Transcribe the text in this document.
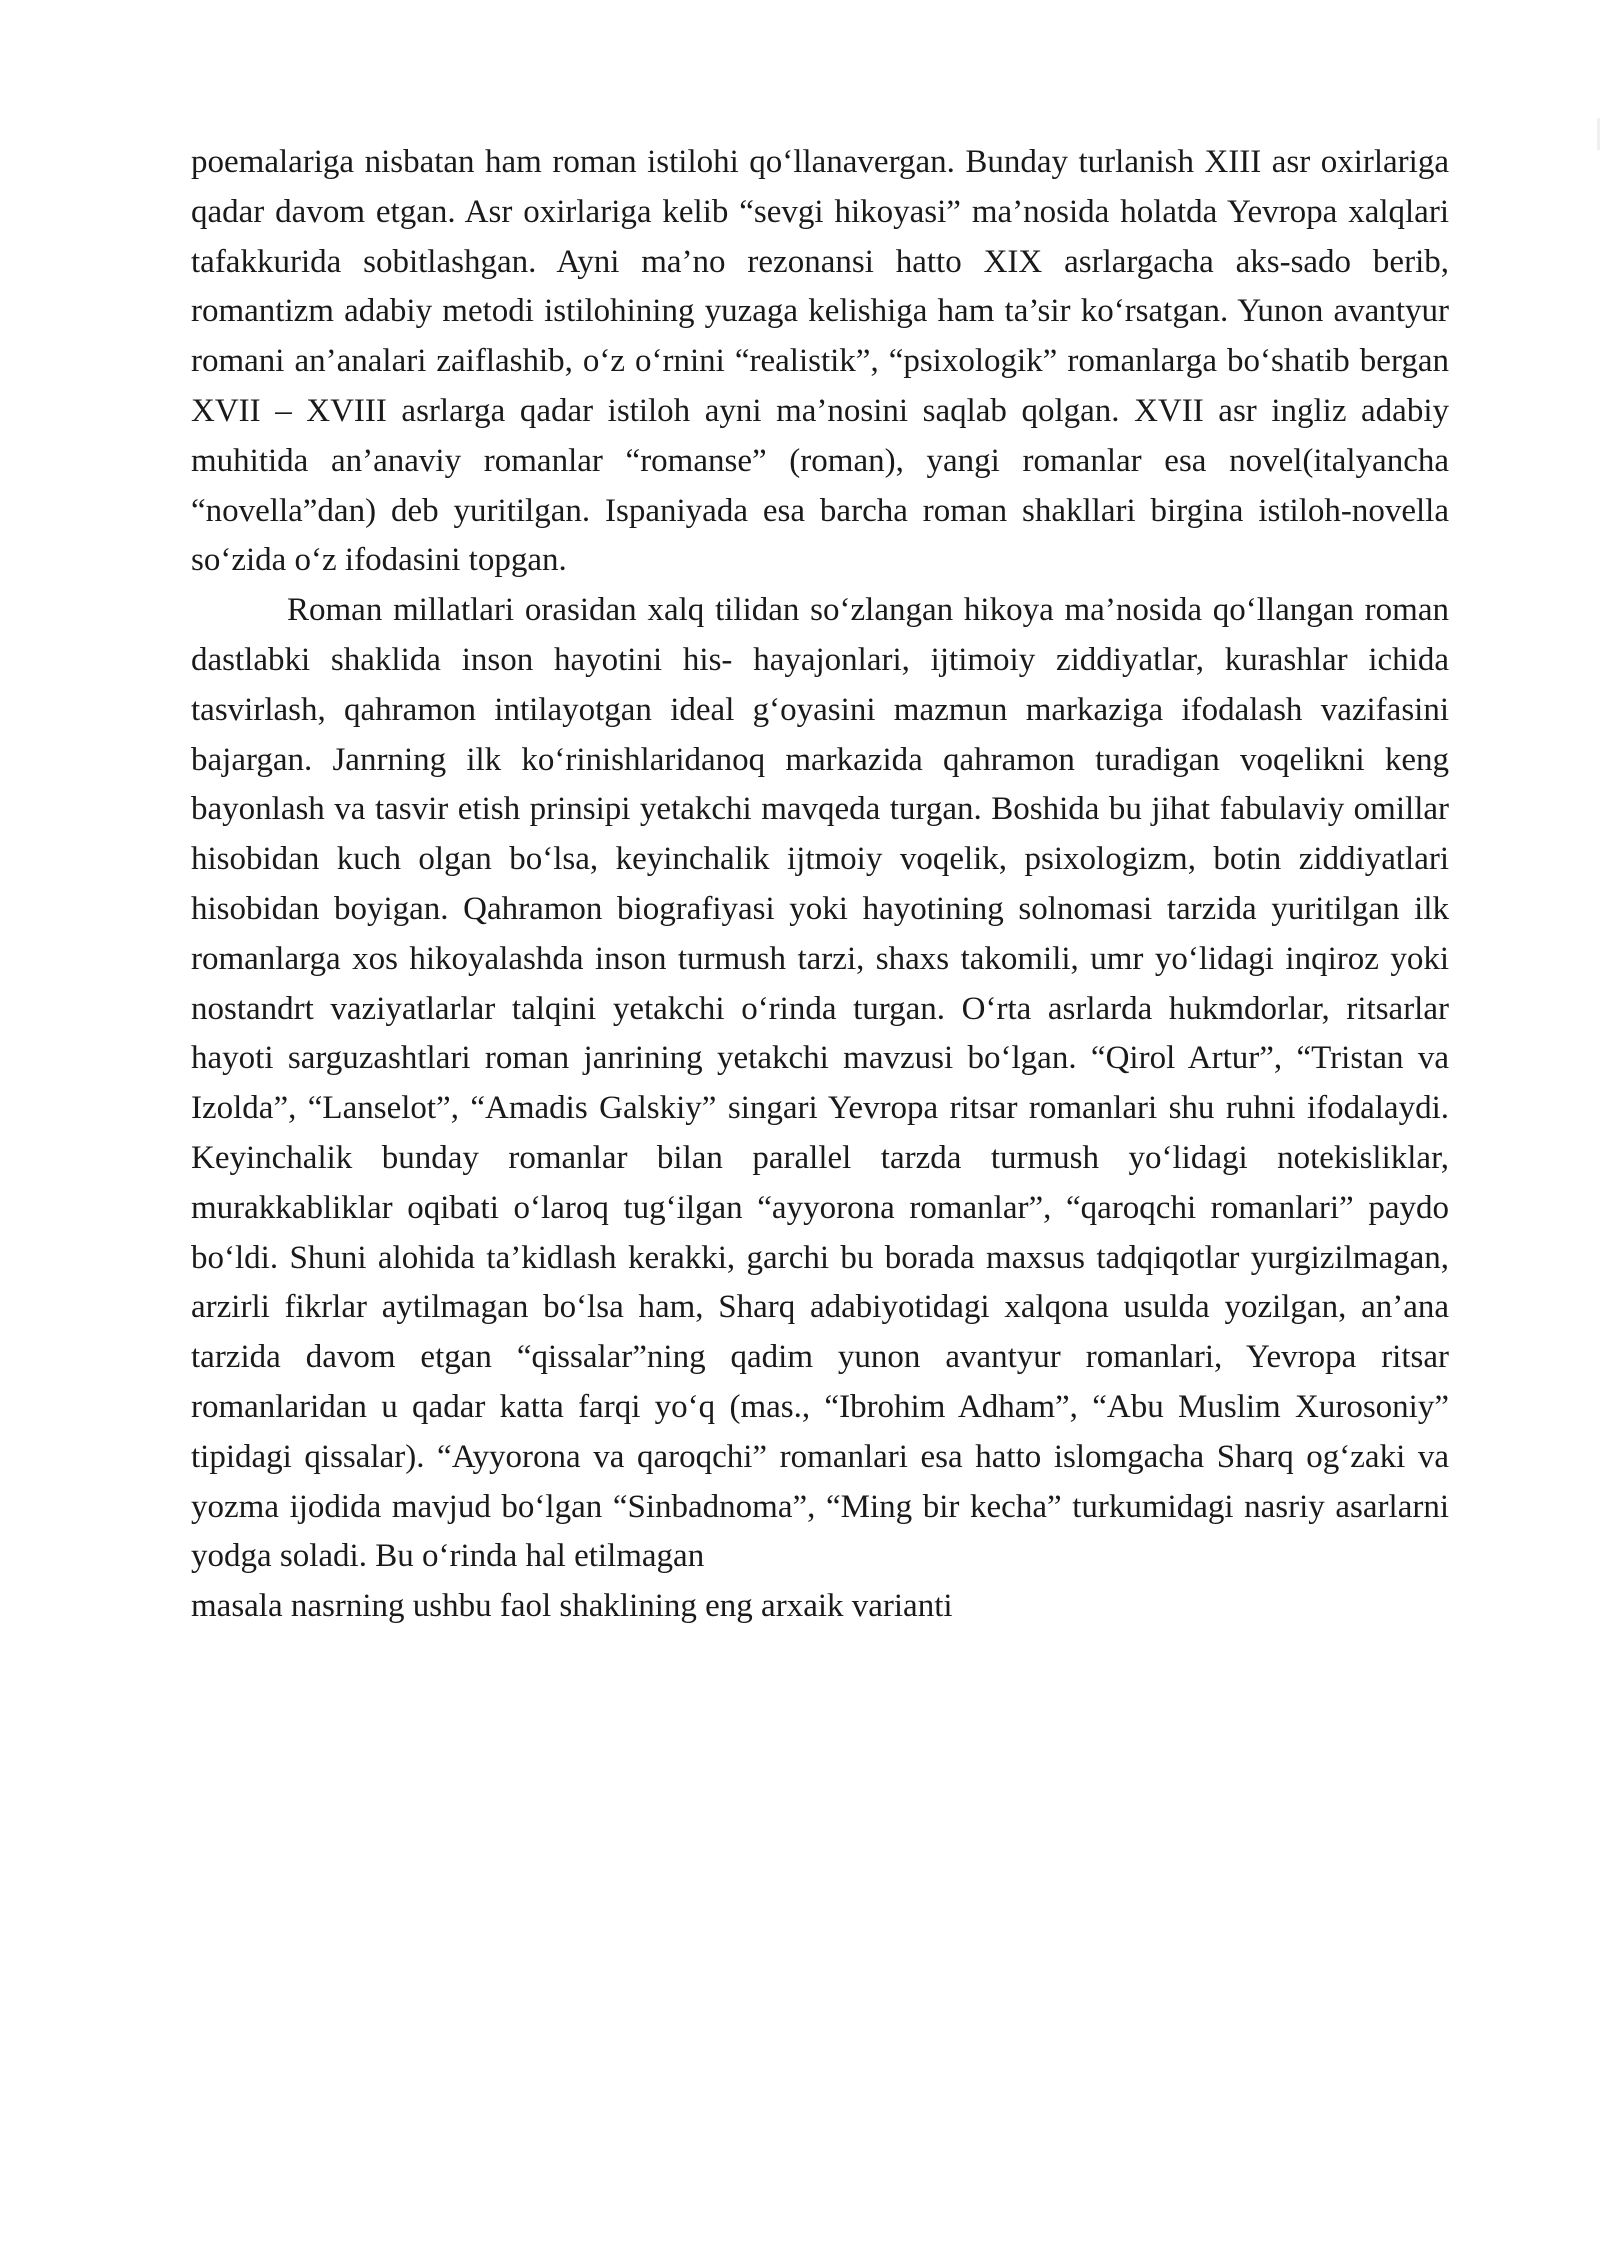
poemalariga nisbatan ham roman istilohi qo‘llanavergan. Bunday turlanish XIII asr oxirlariga qadar davom etgan. Asr oxirlariga kelib “sevgi hikoyasi” ma’nosida holatda Yevropa xalqlari tafakkurida sobitlashgan. Ayni ma’no rezonansi hatto XIX asrlargacha aks-sado berib, romantizm adabiy metodi istilohining yuzaga kelishiga ham ta’sir ko‘rsatgan. Yunon avantyur romani an’analari zaiflashib, o‘z o‘rnini “realistik”, “psixologik” romanlarga bo‘shatib bergan XVII – XVIII asrlarga qadar istiloh ayni ma’nosini saqlab qolgan. XVII asr ingliz adabiy muhitida an’anaviy romanlar “romanse” (roman), yangi romanlar esa novel(italyancha “novella”dan) deb yuritilgan. Ispaniyada esa barcha roman shakllari birgina istiloh-novella so‘zida o‘z ifodasini topgan.

Roman millatlari orasidan xalq tilidan so‘zlangan hikoya ma’nosida qo‘llangan roman dastlabki shaklida inson hayotini his- hayajonlari, ijtimoiy ziddiyatlar, kurashlar ichida tasvirlash, qahramon intilayotgan ideal g‘oyasini mazmun markaziga ifodalash vazifasini bajargan. Janrning ilk ko‘rinishlaridanoq markazida qahramon turadigan voqelikni keng bayonlash va tasvir etish prinsipi yetakchi mavqeda turgan. Boshida bu jihat fabulaviy omillar hisobidan kuch olgan bo‘lsa, keyinchalik ijtmoiy voqelik, psixologizm, botin ziddiyatlari hisobidan boyigan. Qahramon biografiyasi yoki hayotining solnomasi tarzida yuritilgan ilk romanlarga xos hikoyalashda inson turmush tarzi, shaxs takomili, umr yo‘lidagi inqiroz yoki nostandrt vaziyatlarlar talqini yetakchi o‘rinda turgan. O‘rta asrlarda hukmdorlar, ritsarlar hayoti sarguzashtlari roman janrining yetakchi mavzusi bo‘lgan. “Qirol Artur”, “Tristan va Izolda”, “Lanselot”, “Amadis Galskiy” singari Yevropa ritsar romanlari shu ruhni ifodalaydi. Keyinchalik bunday romanlar bilan parallel tarzda turmush yo‘lidagi notekisliklar, murakkabliklar oqibati o‘laroq tug‘ilgan “ayyorona romanlar”, “qaroqchi romanlari” paydo bo‘ldi. Shuni alohida ta’kidlash kerakki, garchi bu borada maxsus tadqiqotlar yurgizilmagan, arzirli fikrlar aytilmagan bo‘lsa ham, Sharq adabiyotidagi xalqona usulda yozilgan, an’ana tarzida davom etgan “qissalar”ning qadim yunon avantyur romanlari, Yevropa ritsar romanlaridan u qadar katta farqi yo‘q (mas., “Ibrohim Adham”, “Abu Muslim Xurosoniy” tipidagi qissalar). “Ayyorona va qaroqchi” romanlari esa hatto islomgacha Sharq og‘zaki va yozma ijodida mavjud bo‘lgan “Sinbadnoma”, “Ming bir kecha” turkumidagi nasriy asarlarni yodga soladi. Bu o‘rinda hal etilmagan

masala nasrning ushbu faol shaklining eng arxaik varianti
